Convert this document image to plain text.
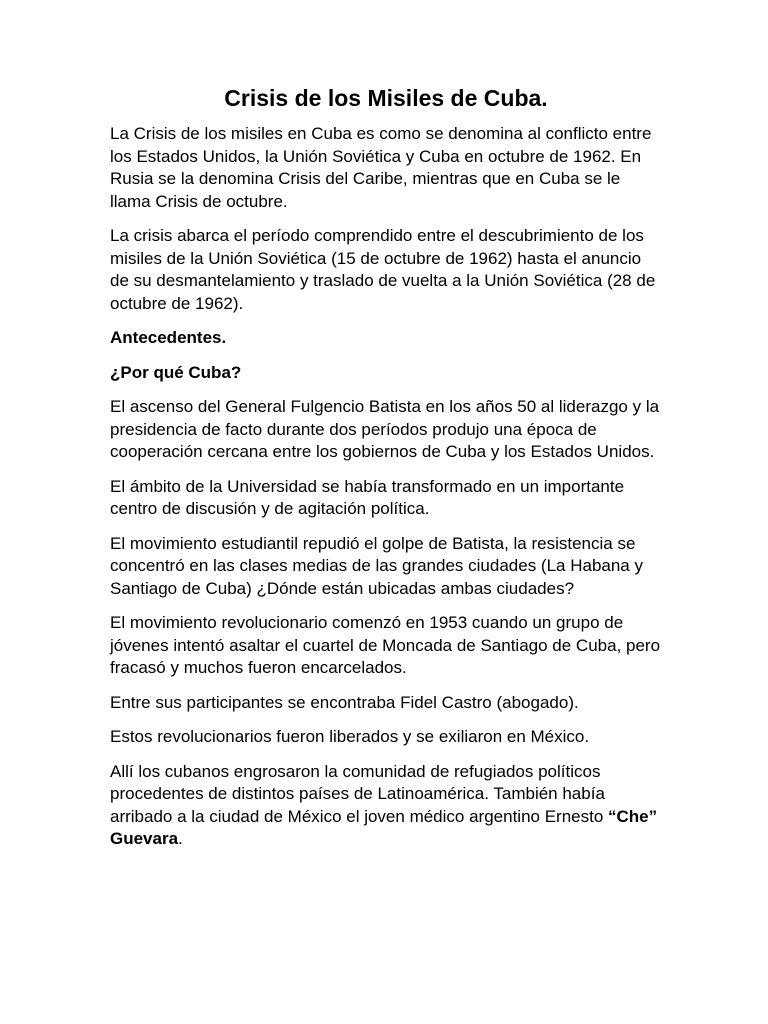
Crisis de los Misiles de Cuba.

La Crisis de los misiles en Cuba es como se denomina al conflicto entre los Estados Unidos, la Unión Soviética y Cuba en octubre de 1962. En Rusia se la denomina Crisis del Caribe, mientras que en Cuba se le llama Crisis de octubre.

La crisis abarca el período comprendido entre el descubrimiento de los misiles de la Unión Soviética (15 de octubre de 1962) hasta el anuncio de su desmantelamiento y traslado de vuelta a la Unión Soviética (28 de octubre de 1962).

Antecedentes.

¿Por qué Cuba?

El ascenso del General Fulgencio Batista en los años 50 al liderazgo y la presidencia de facto durante dos períodos produjo una época de cooperación cercana entre los gobiernos de Cuba y los Estados Unidos.

El ámbito de la Universidad se había transformado en un importante centro de discusión y de agitación política.

El movimiento estudiantil repudió el golpe de Batista, la resistencia se concentró en las clases medias de las grandes ciudades (La Habana y Santiago de Cuba) ¿Dónde están ubicadas ambas ciudades?

El movimiento revolucionario comenzó en 1953 cuando un grupo de jóvenes intentó asaltar el cuartel de Moncada de Santiago de Cuba, pero fracasó y muchos fueron encarcelados.

Entre sus participantes se encontraba Fidel Castro (abogado).

Estos revolucionarios fueron liberados y se exiliaron en México.

Allí los cubanos engrosaron la comunidad de refugiados políticos procedentes de distintos países de Latinoamérica. También había arribado a la ciudad de México el joven médico argentino Ernesto “Che” Guevara.
